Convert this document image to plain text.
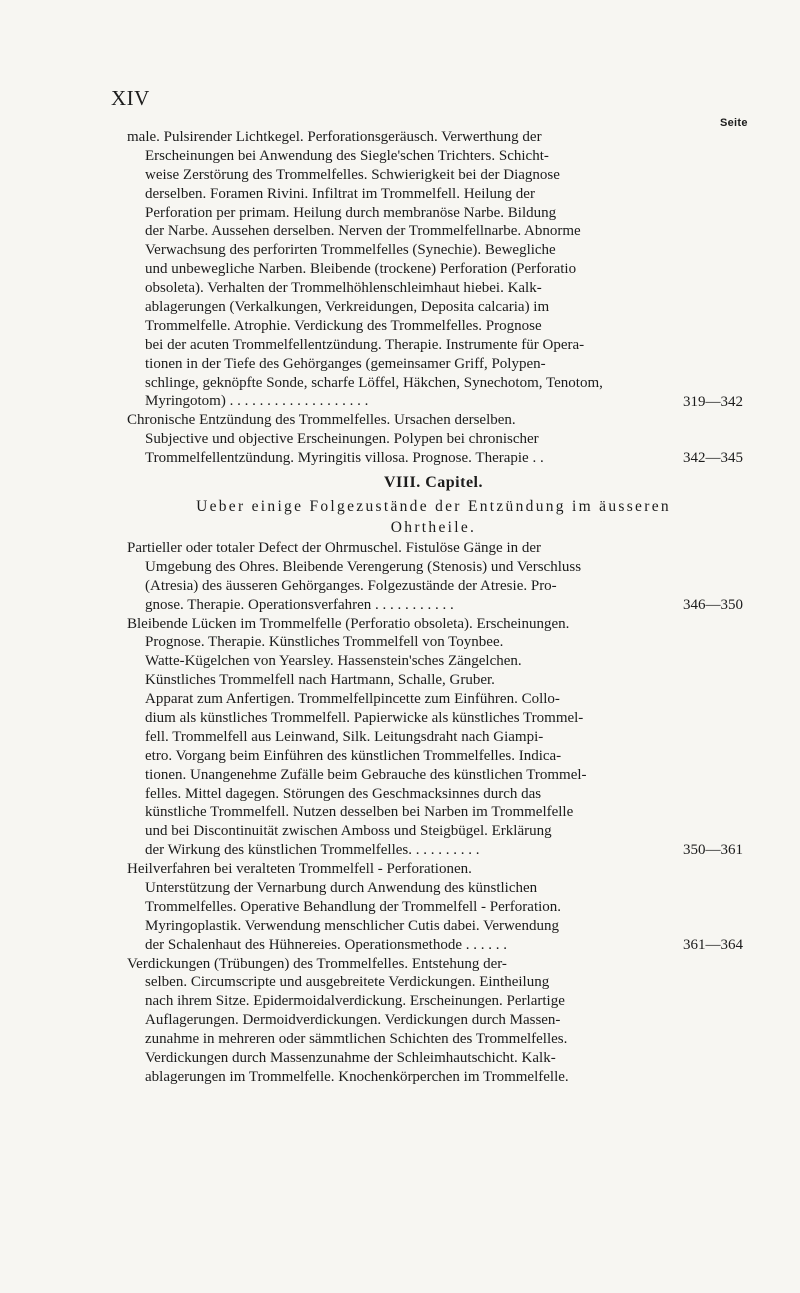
XIV
Seite
male. Pulsirender Lichtkegel. Perforationsgeräusch. Verwerthung der
Erscheinungen bei Anwendung des Siegle'schen Trichters. Schicht-
weise Zerstörung des Trommelfelles. Schwierigkeit bei der Diagnose
derselben. Foramen Rivini. Infiltrat im Trommelfell. Heilung der
Perforation per primam. Heilung durch membranöse Narbe. Bildung
der Narbe. Aussehen derselben. Nerven der Trommelfellnarbe. Abnorme
Verwachsung des perforirten Trommelfelles (Synechie). Bewegliche
und unbewegliche Narben. Bleibende (trockene) Perforation (Perforatio
obsoleta). Verhalten der Trommelhöhlenschleimhaut hiebei. Kalk-
ablagerungen (Verkalkungen, Verkreidungen, Deposita calcaria) im
Trommelfelle. Atrophie. Verdickung des Trommelfelles. Prognose
bei der acuten Trommelfellentzündung. Therapie. Instrumente für Opera-
tionen in der Tiefe des Gehörganges (gemeinsamer Griff, Polypen-
schlinge, geknöpfte Sonde, scharfe Löffel, Häkchen, Synechotom, Tenotom,
Myringotom) . . . . . . . . . . . . . . . . . . .	319—342
Chronische Entzündung des Trommelfelles. Ursachen derselben.
Subjective und objective Erscheinungen. Polypen bei chronischer
Trommelfellentzündung. Myringitis villosa. Prognose. Therapie . .	342—345
VIII. Capitel.
Ueber einige Folgezustände der Entzündung im äusseren
Ohrtheile.
Partieller oder totaler Defect der Ohrmuschel. Fistulöse Gänge in der
Umgebung des Ohres. Bleibende Verengerung (Stenosis) und Verschluss
(Atresia) des äusseren Gehörganges. Folgezustände der Atresie. Pro-
gnose. Therapie. Operationsverfahren . . . . . . . . . . .	346—350
Bleibende Lücken im Trommelfelle (Perforatio obsoleta). Erscheinungen.
Prognose. Therapie. Künstliches Trommelfell von Toynbee.
Watte-Kügelchen von Yearsley. Hassenstein'sches Zängelchen.
Künstliches Trommelfell nach Hartmann, Schalle, Gruber.
Apparat zum Anfertigen. Trommelfellpincette zum Einführen. Collo-
dium als künstliches Trommelfell. Papierwicke als künstliches Trommel-
fell. Trommelfell aus Leinwand, Silk. Leitungsdraht nach Giampi-
etro. Vorgang beim Einführen des künstlichen Trommelfelles. Indica-
tionen. Unangenehme Zufälle beim Gebrauche des künstlichen Trommel-
felles. Mittel dagegen. Störungen des Geschmacksinnes durch das
künstliche Trommelfell. Nutzen desselben bei Narben im Trommelfelle
und bei Discontinuität zwischen Amboss und Steigbügel. Erklärung
der Wirkung des künstlichen Trommelfelles. . . . . . . . . .	350—361
Heilverfahren bei veralteten Trommelfell - Perforationen.
Unterstützung der Vernarbung durch Anwendung des künstlichen
Trommelfelles. Operative Behandlung der Trommelfell - Perforation.
Myringoplastik. Verwendung menschlicher Cutis dabei. Verwendung
der Schalenhaut des Hühnereies. Operationsmethode . . . . . .	361—364
Verdickungen (Trübungen) des Trommelfelles. Entstehung der-
selben. Circumscripte und ausgebreitete Verdickungen. Eintheilung
nach ihrem Sitze. Epidermoidalverdickung. Erscheinungen. Perlartige
Auflagerungen. Dermoidverdickungen. Verdickungen durch Massen-
zunahme in mehreren oder sämmtlichen Schichten des Trommelfelles.
Verdickungen durch Massenzunahme der Schleimhautschicht. Kalk-
ablagerungen im Trommelfelle. Knochenkörperchen im Trommelfelle.
